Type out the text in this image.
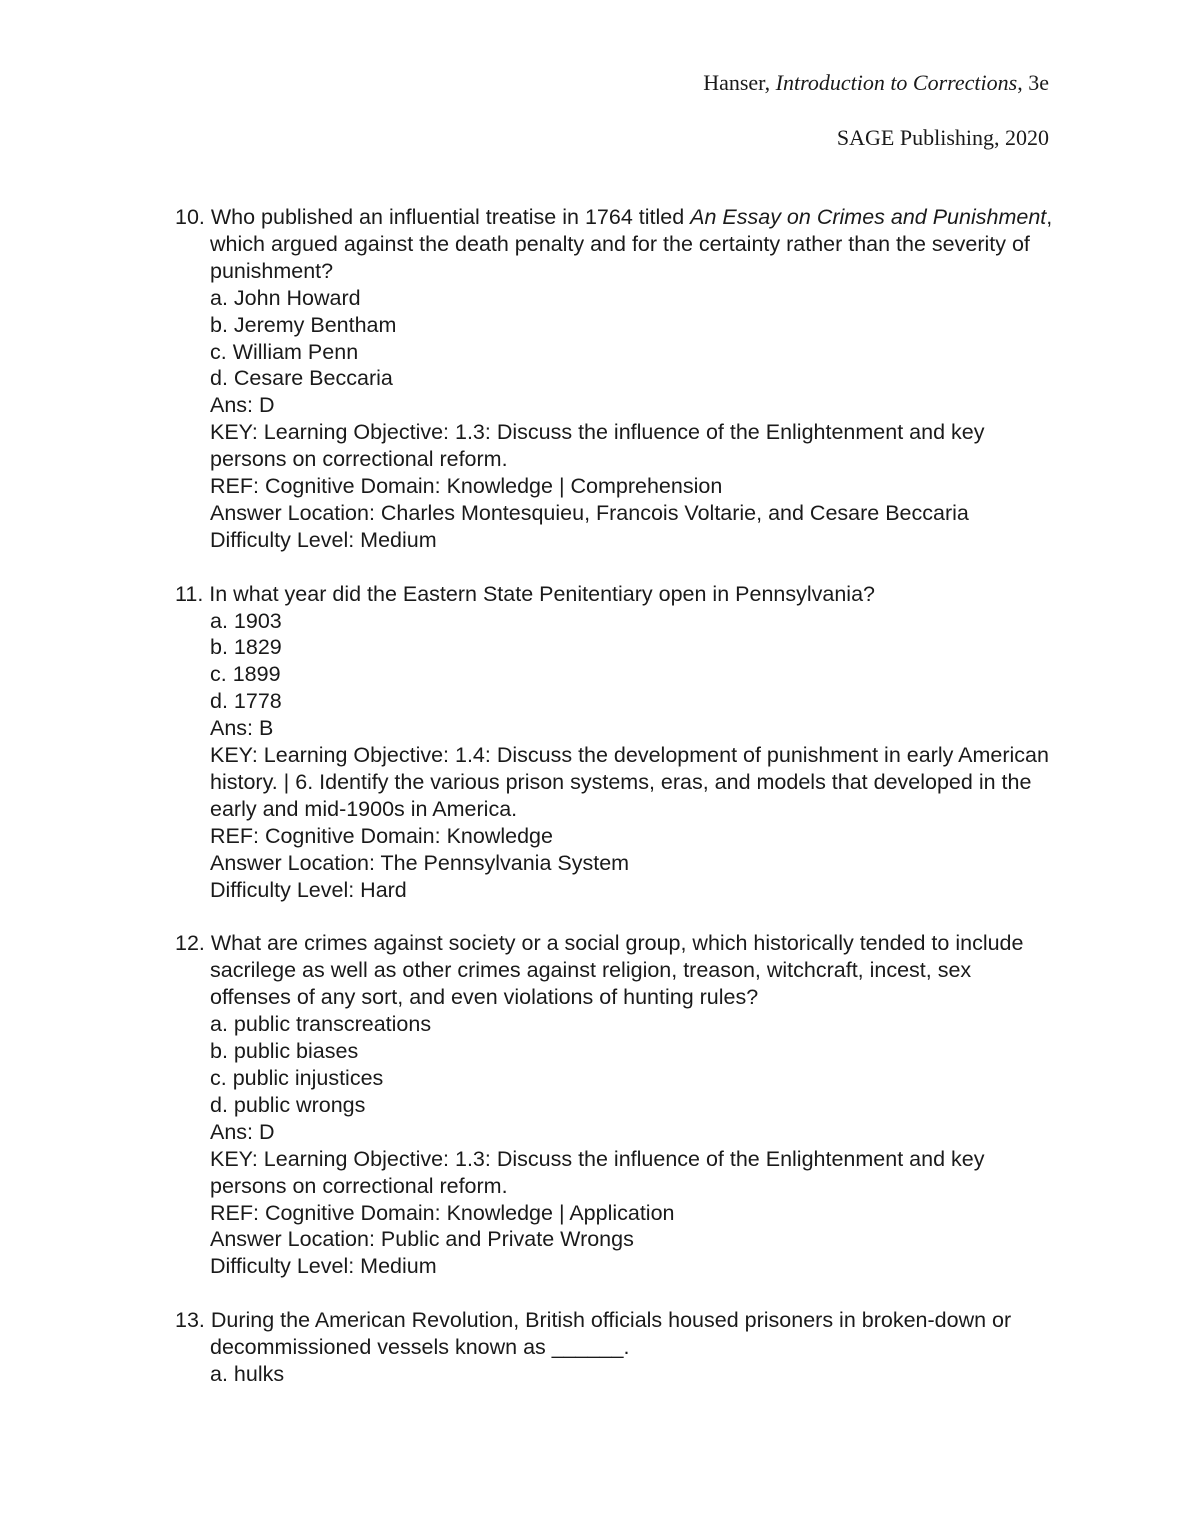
Hanser, Introduction to Corrections, 3e
SAGE Publishing, 2020
10. Who published an influential treatise in 1764 titled An Essay on Crimes and Punishment, which argued against the death penalty and for the certainty rather than the severity of punishment?
a. John Howard
b. Jeremy Bentham
c. William Penn
d. Cesare Beccaria
Ans: D
KEY: Learning Objective: 1.3: Discuss the influence of the Enlightenment and key persons on correctional reform.
REF: Cognitive Domain: Knowledge | Comprehension
Answer Location: Charles Montesquieu, Francois Voltarie, and Cesare Beccaria
Difficulty Level: Medium
11. In what year did the Eastern State Penitentiary open in Pennsylvania?
a. 1903
b. 1829
c. 1899
d. 1778
Ans: B
KEY: Learning Objective: 1.4: Discuss the development of punishment in early American history. | 6. Identify the various prison systems, eras, and models that developed in the early and mid-1900s in America.
REF: Cognitive Domain: Knowledge
Answer Location: The Pennsylvania System
Difficulty Level: Hard
12. What are crimes against society or a social group, which historically tended to include sacrilege as well as other crimes against religion, treason, witchcraft, incest, sex offenses of any sort, and even violations of hunting rules?
a. public transcreations
b. public biases
c. public injustices
d. public wrongs
Ans: D
KEY: Learning Objective: 1.3: Discuss the influence of the Enlightenment and key persons on correctional reform.
REF: Cognitive Domain: Knowledge | Application
Answer Location: Public and Private Wrongs
Difficulty Level: Medium
13. During the American Revolution, British officials housed prisoners in broken-down or decommissioned vessels known as ______.
a. hulks
